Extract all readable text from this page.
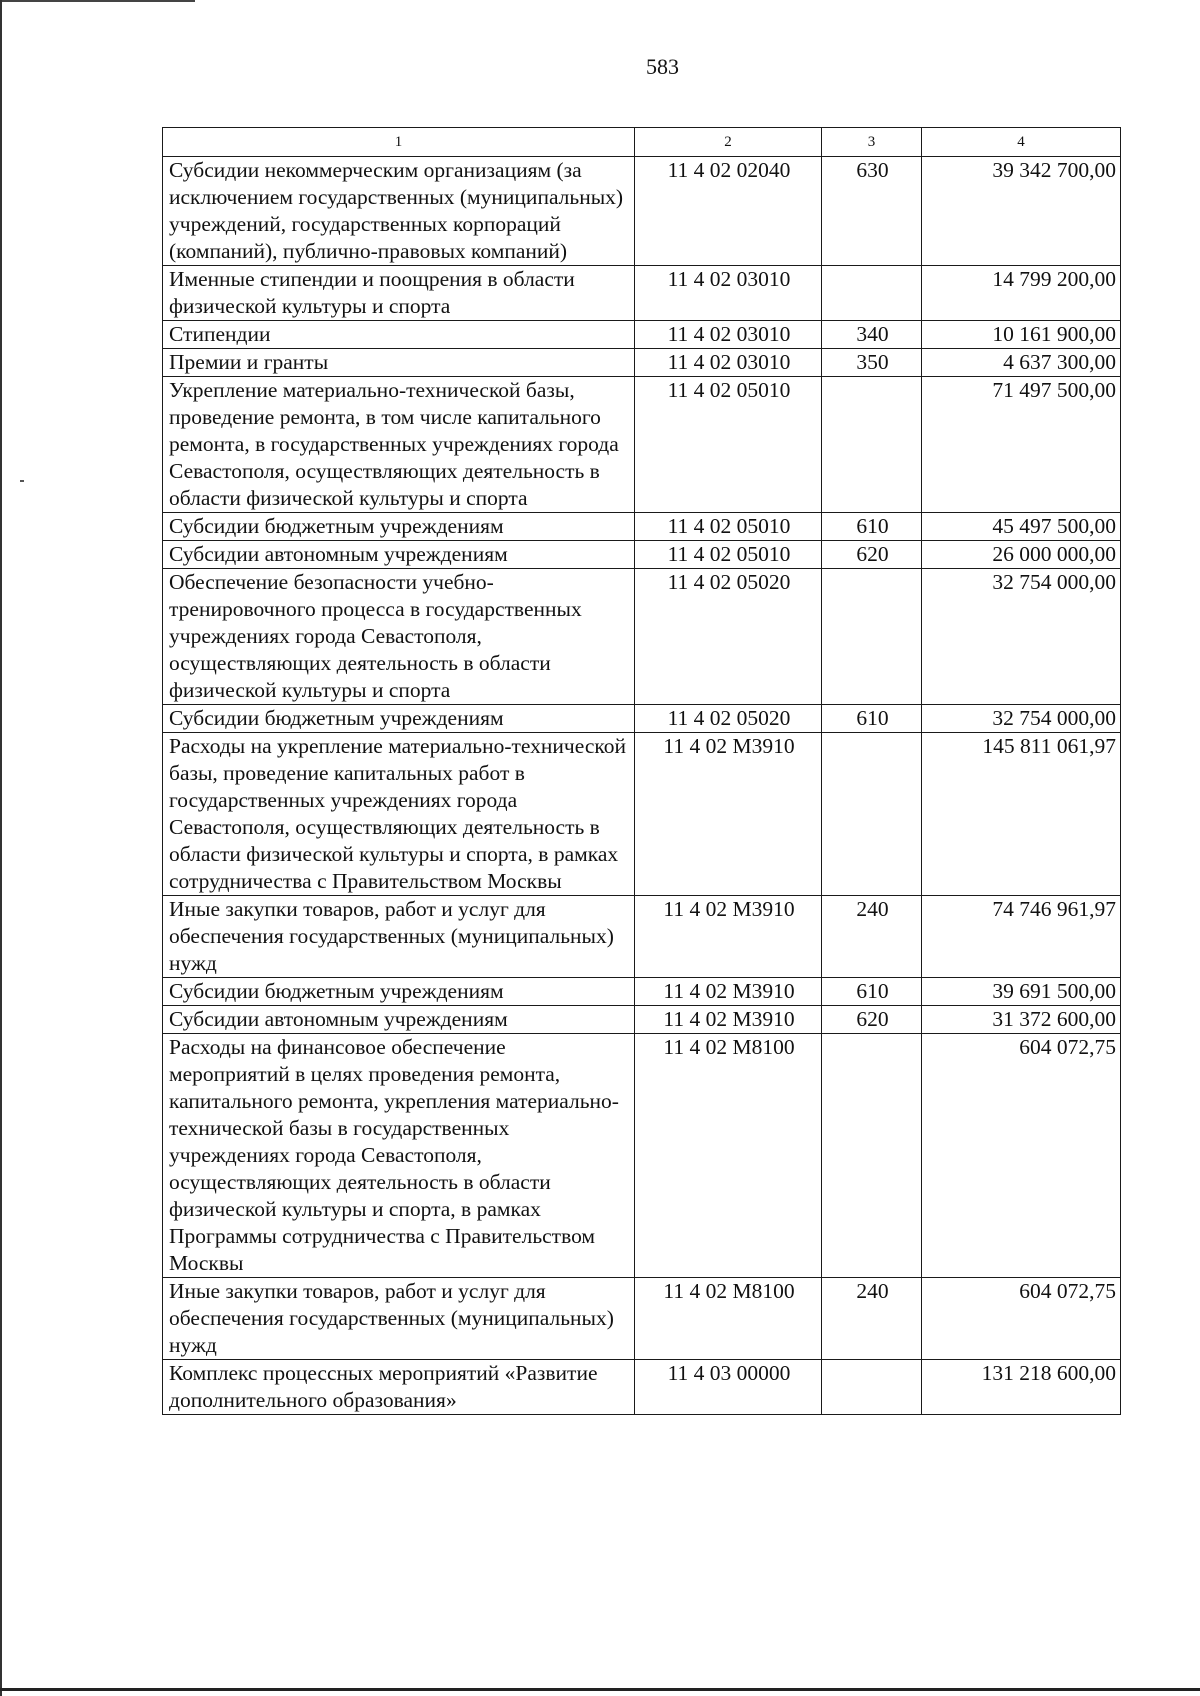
583
1	2	3	4
Субсидии некоммерческим организациям (за исключением государственных (муниципальных) учреждений, государственных корпораций (компаний), публично-правовых компаний)	11 4 02 02040	630	39 342 700,00
Именные стипендии и поощрения в области физической культуры и спорта	11 4 02 03010		14 799 200,00
Стипендии	11 4 02 03010	340	10 161 900,00
Премии и гранты	11 4 02 03010	350	4 637 300,00
Укрепление материально-технической базы, проведение ремонта, в том числе капитального ремонта, в государственных учреждениях города Севастополя, осуществляющих деятельность в области физической культуры и спорта	11 4 02 05010		71 497 500,00
Субсидии бюджетным учреждениям	11 4 02 05010	610	45 497 500,00
Субсидии автономным учреждениям	11 4 02 05010	620	26 000 000,00
Обеспечение безопасности учебно-тренировочного процесса в государственных учреждениях города Севастополя, осуществляющих деятельность в области физической культуры и спорта	11 4 02 05020		32 754 000,00
Субсидии бюджетным учреждениям	11 4 02 05020	610	32 754 000,00
Расходы на укрепление материально-технической базы, проведение капитальных работ в государственных учреждениях города Севастополя, осуществляющих деятельность в области физической культуры и спорта, в рамках сотрудничества с Правительством Москвы	11 4 02 М3910		145 811 061,97
Иные закупки товаров, работ и услуг для обеспечения государственных (муниципальных) нужд	11 4 02 М3910	240	74 746 961,97
Субсидии бюджетным учреждениям	11 4 02 М3910	610	39 691 500,00
Субсидии автономным учреждениям	11 4 02 М3910	620	31 372 600,00
Расходы на финансовое обеспечение мероприятий в целях проведения ремонта, капитального ремонта, укрепления материально-технической базы в государственных учреждениях города Севастополя, осуществляющих деятельность в области физической культуры и спорта, в рамках Программы сотрудничества с Правительством Москвы	11 4 02 М8100		604 072,75
Иные закупки товаров, работ и услуг для обеспечения государственных (муниципальных) нужд	11 4 02 М8100	240	604 072,75
Комплекс процессных мероприятий «Развитие дополнительного образования»	11 4 03 00000		131 218 600,00
